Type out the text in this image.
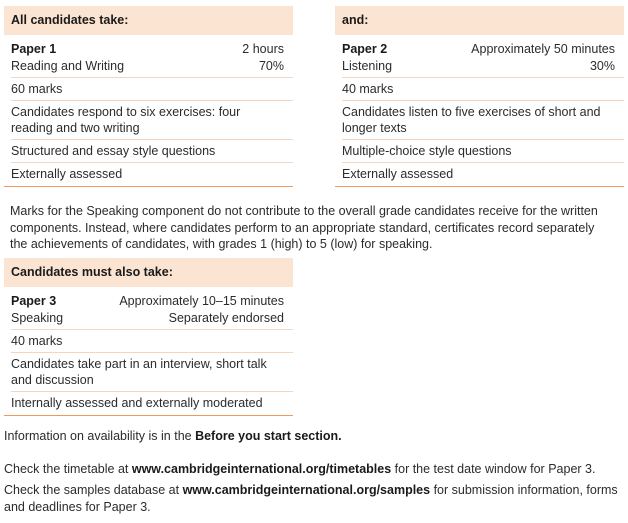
All candidates take:
Paper 1	2 hours
Reading and Writing	70%
60 marks
Candidates respond to six exercises: four reading and two writing
Structured and essay style questions
Externally assessed
and:
Paper 2	Approximately 50 minutes
Listening	30%
40 marks
Candidates listen to five exercises of short and longer texts
Multiple-choice style questions
Externally assessed
Marks for the Speaking component do not contribute to the overall grade candidates receive for the written components. Instead, where candidates perform to an appropriate standard, certificates record separately the achievements of candidates, with grades 1 (high) to 5 (low) for speaking.
Candidates must also take:
Paper 3	Approximately 10–15 minutes
Speaking	Separately endorsed
40 marks
Candidates take part in an interview, short talk and discussion
Internally assessed and externally moderated
Information on availability is in the Before you start section.
Check the timetable at www.cambridgeinternational.org/timetables for the test date window for Paper 3.
Check the samples database at www.cambridgeinternational.org/samples for submission information, forms and deadlines for Paper 3.
